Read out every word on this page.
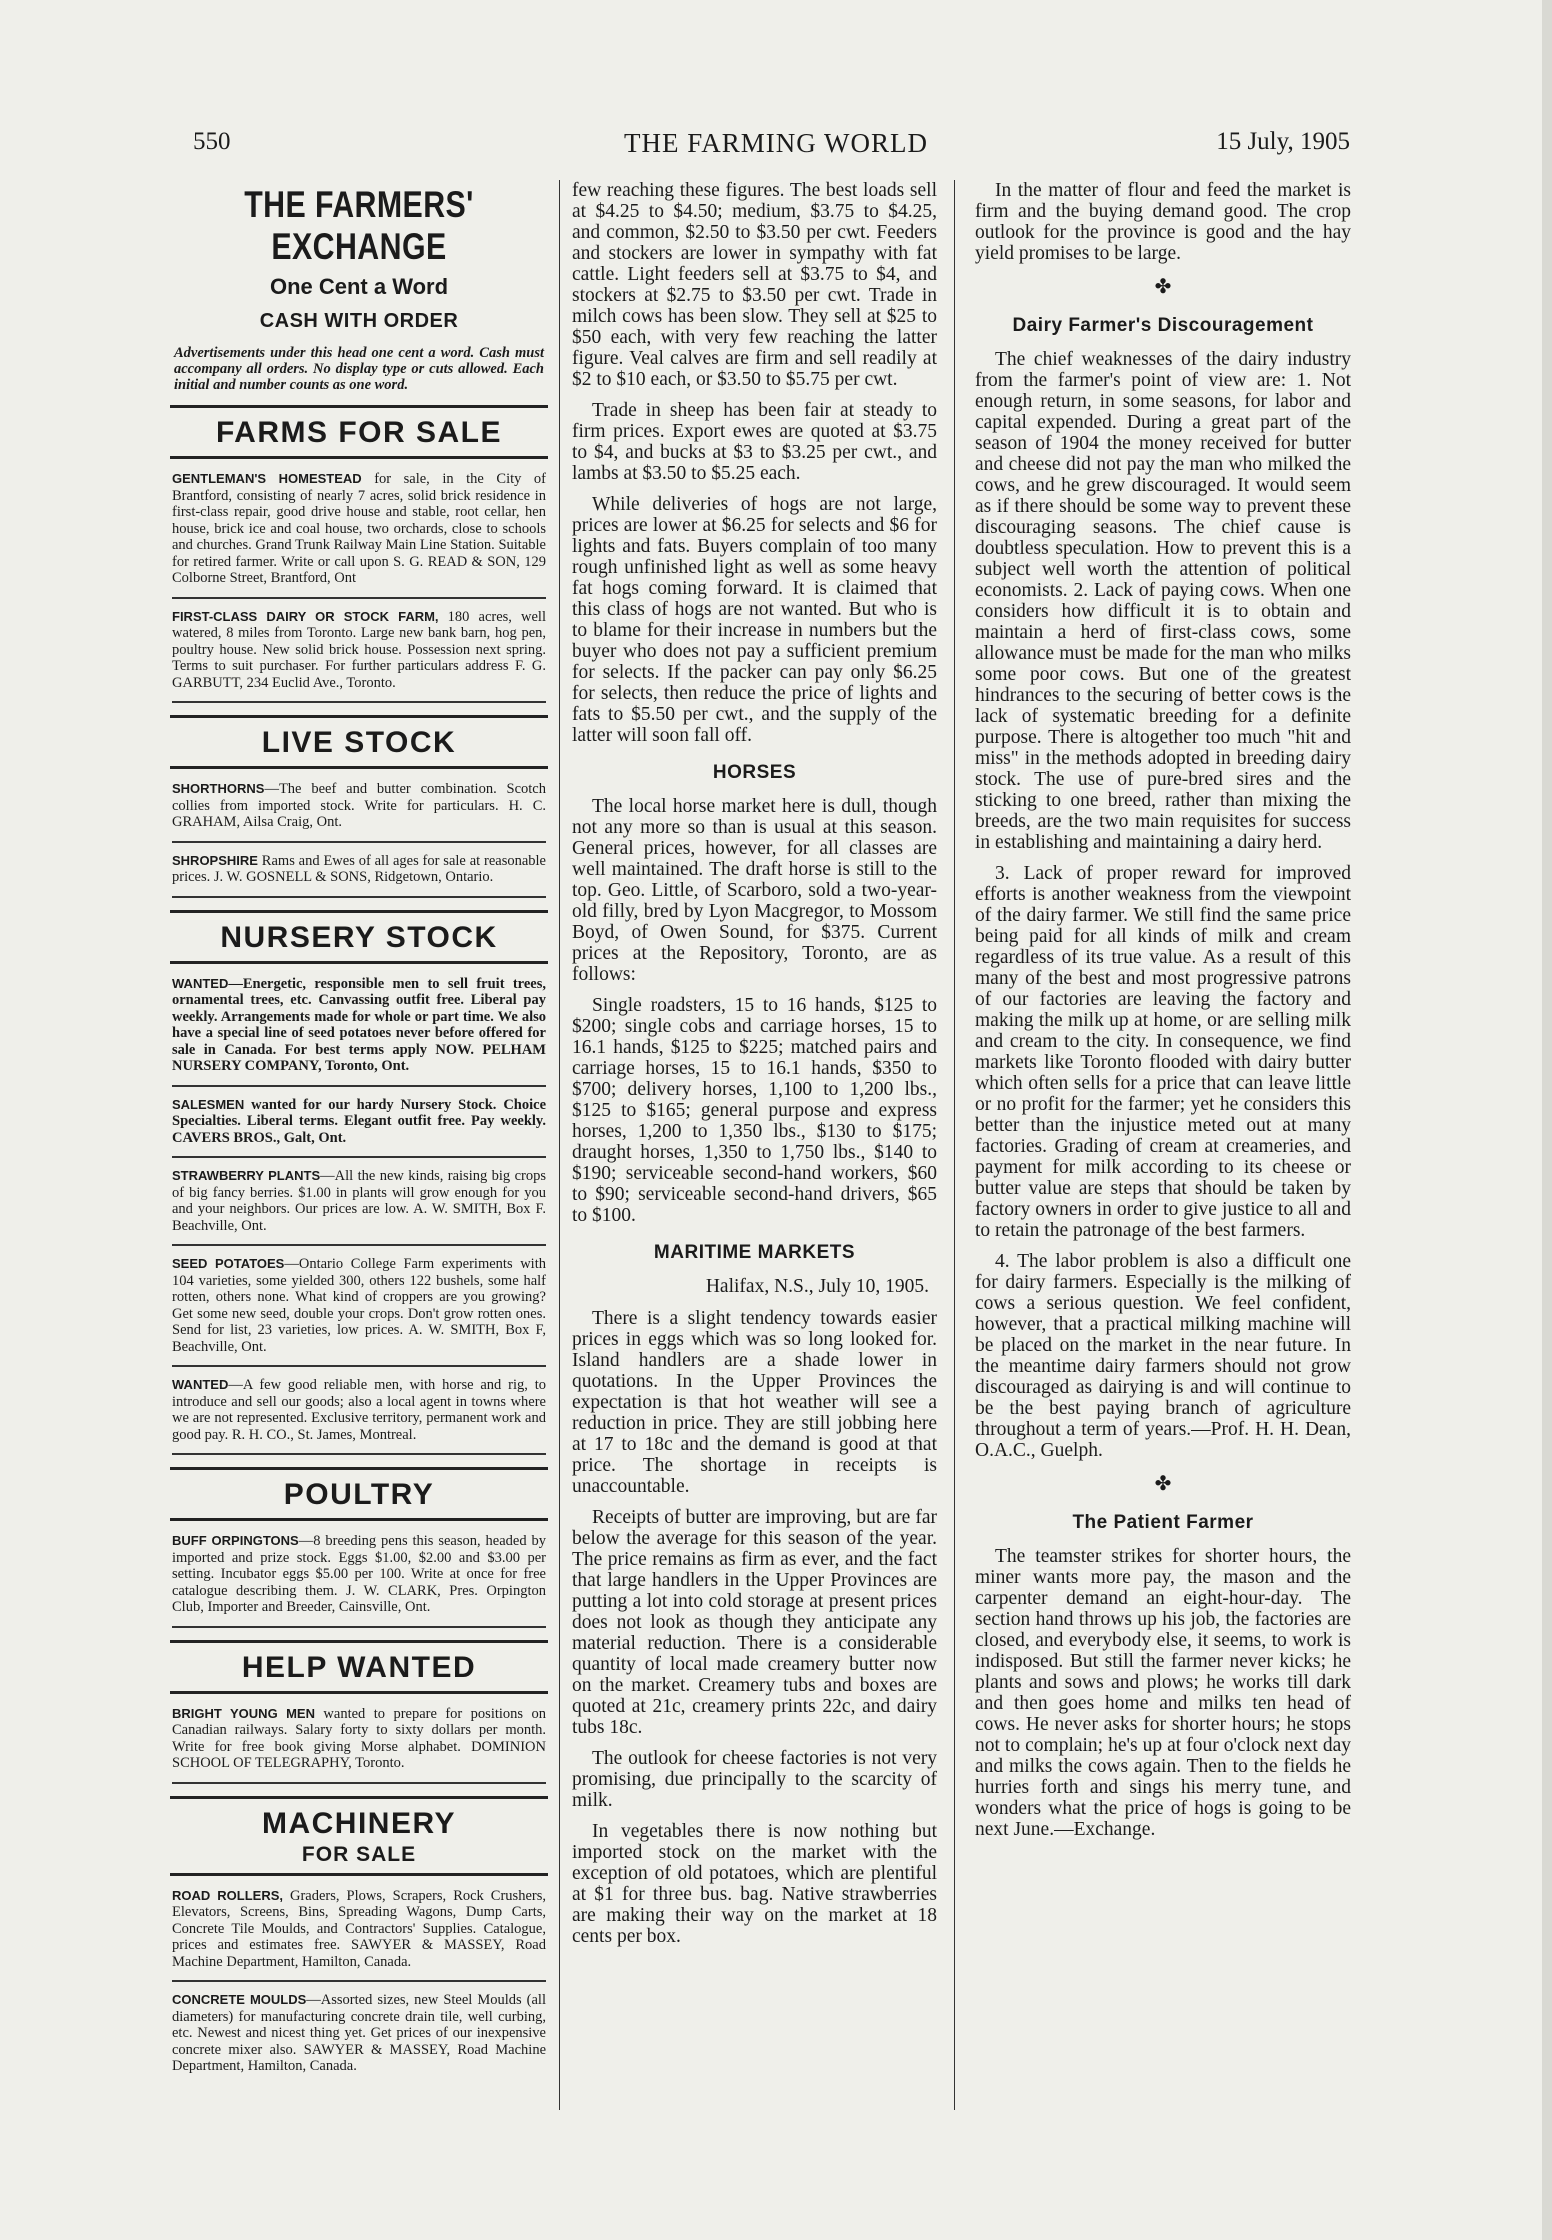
550	THE FARMING WORLD	15 July, 1905
THE FARMERS' EXCHANGE
One Cent a Word
CASH WITH ORDER
Advertisements under this head one cent a word. Cash must accompany all orders. No display type or cuts allowed. Each initial and number counts as one word.
FARMS FOR SALE
GENTLEMAN'S HOMESTEAD for sale, in the City of Brantford, consisting of nearly 7 acres, solid brick residence in first-class repair, good drive house and stable, root cellar, hen house, brick ice and coal house, two orchards, close to schools and churches. Grand Trunk Railway Main Line Station. Suitable for retired farmer. Write or call upon S. G. READ & SON, 129 Colborne Street, Brantford, Ont
FIRST-CLASS DAIRY OR STOCK FARM, 180 acres, well watered, 8 miles from Toronto. Large new bank barn, hog pen, poultry house. New solid brick house. Possession next spring. Terms to suit purchaser. For further particulars address F. G. GARBUTT, 234 Euclid Ave., Toronto.
LIVE STOCK
SHORTHORNS—The beef and butter combination. Scotch collies from imported stock. Write for particulars. H. C. GRAHAM, Ailsa Craig, Ont.
SHROPSHIRE Rams and Ewes of all ages for sale at reasonable prices. J. W. GOSNELL & SONS, Ridgetown, Ontario.
NURSERY STOCK
WANTED—Energetic, responsible men to sell fruit trees, ornamental trees, etc. Canvassing outfit free. Liberal pay weekly. Arrangements made for whole or part time. We also have a special line of seed potatoes never before offered for sale in Canada. For best terms apply NOW. PELHAM NURSERY COMPANY, Toronto, Ont.
SALESMEN wanted for our hardy Nursery Stock. Choice Specialties. Liberal terms. Elegant outfit free. Pay weekly. CAVERS BROS., Galt, Ont.
STRAWBERRY PLANTS—All the new kinds, raising big crops of big fancy berries. $1.00 in plants will grow enough for you and your neighbors. Our prices are low. A. W. SMITH, Box F. Beachville, Ont.
SEED POTATOES—Ontario College Farm experiments with 104 varieties, some yielded 300, others 122 bushels, some half rotten, others none. What kind of croppers are you growing? Get some new seed, double your crops. Don't grow rotten ones. Send for list, 23 varieties, low prices. A. W. SMITH, Box F, Beachville, Ont.
WANTED—A few good reliable men, with horse and rig, to introduce and sell our goods; also a local agent in towns where we are not represented. Exclusive territory, permanent work and good pay. R. H. CO., St. James, Montreal.
POULTRY
BUFF ORPINGTONS—8 breeding pens this season, headed by imported and prize stock. Eggs $1.00, $2.00 and $3.00 per setting. Incubator eggs $5.00 per 100. Write at once for free catalogue describing them. J. W. CLARK, Pres. Orpington Club, Importer and Breeder, Cainsville, Ont.
HELP WANTED
BRIGHT YOUNG MEN wanted to prepare for positions on Canadian railways. Salary forty to sixty dollars per month. Write for free book giving Morse alphabet. DOMINION SCHOOL OF TELEGRAPHY, Toronto.
MACHINERY
FOR SALE
ROAD ROLLERS, Graders, Plows, Scrapers, Rock Crushers, Elevators, Screens, Bins, Spreading Wagons, Dump Carts, Concrete Tile Moulds, and Contractors' Supplies. Catalogue, prices and estimates free. SAWYER & MASSEY, Road Machine Department, Hamilton, Canada.
CONCRETE MOULDS—Assorted sizes, new Steel Moulds (all diameters) for manufacturing concrete drain tile, well curbing, etc. Newest and nicest thing yet. Get prices of our inexpensive concrete mixer also. SAWYER & MASSEY, Road Machine Department, Hamilton, Canada.
few reaching these figures. The best loads sell at $4.25 to $4.50; medium, $3.75 to $4.25, and common, $2.50 to $3.50 per cwt. Feeders and stockers are lower in sympathy with fat cattle. Light feeders sell at $3.75 to $4, and stockers at $2.75 to $3.50 per cwt. Trade in milch cows has been slow. They sell at $25 to $50 each, with very few reaching the latter figure. Veal calves are firm and sell readily at $2 to $10 each, or $3.50 to $5.75 per cwt.
Trade in sheep has been fair at steady to firm prices. Export ewes are quoted at $3.75 to $4, and bucks at $3 to $3.25 per cwt., and lambs at $3.50 to $5.25 each.
While deliveries of hogs are not large, prices are lower at $6.25 for selects and $6 for lights and fats. Buyers complain of too many rough unfinished light as well as some heavy fat hogs coming forward. It is claimed that this class of hogs are not wanted. But who is to blame for their increase in numbers but the buyer who does not pay a sufficient premium for selects. If the packer can pay only $6.25 for selects, then reduce the price of lights and fats to $5.50 per cwt., and the supply of the latter will soon fall off.
HORSES
The local horse market here is dull, though not any more so than is usual at this season. General prices, however, for all classes are well maintained. The draft horse is still to the top. Geo. Little, of Scarboro, sold a two-year-old filly, bred by Lyon Macgregor, to Mossom Boyd, of Owen Sound, for $375. Current prices at the Repository, Toronto, are as follows:
Single roadsters, 15 to 16 hands, $125 to $200; single cobs and carriage horses, 15 to 16.1 hands, $125 to $225; matched pairs and carriage horses, 15 to 16.1 hands, $350 to $700; delivery horses, 1,100 to 1,200 lbs., $125 to $165; general purpose and express horses, 1,200 to 1,350 lbs., $130 to $175; draught horses, 1,350 to 1,750 lbs., $140 to $190; serviceable second-hand workers, $60 to $90; serviceable second-hand drivers, $65 to $100.
MARITIME MARKETS
Halifax, N.S., July 10, 1905.
There is a slight tendency towards easier prices in eggs which was so long looked for. Island handlers are a shade lower in quotations. In the Upper Provinces the expectation is that hot weather will see a reduction in price. They are still jobbing here at 17 to 18c and the demand is good at that price. The shortage in receipts is unaccountable.
Receipts of butter are improving, but are far below the average for this season of the year. The price remains as firm as ever, and the fact that large handlers in the Upper Provinces are putting a lot into cold storage at present prices does not look as though they anticipate any material reduction. There is a considerable quantity of local made creamery butter now on the market. Creamery tubs and boxes are quoted at 21c, creamery prints 22c, and dairy tubs 18c.
The outlook for cheese factories is not very promising, due principally to the scarcity of milk.
In vegetables there is now nothing but imported stock on the market with the exception of old potatoes, which are plentiful at $1 for three bus. bag. Native strawberries are making their way on the market at 18 cents per box.
In the matter of flour and feed the market is firm and the buying demand good. The crop outlook for the province is good and the hay yield promises to be large.
✤
Dairy Farmer's Discouragement
The chief weaknesses of the dairy industry from the farmer's point of view are: 1. Not enough return, in some seasons, for labor and capital expended. During a great part of the season of 1904 the money received for butter and cheese did not pay the man who milked the cows, and he grew discouraged. It would seem as if there should be some way to prevent these discouraging seasons. The chief cause is doubtless speculation. How to prevent this is a subject well worth the attention of political economists. 2. Lack of paying cows. When one considers how difficult it is to obtain and maintain a herd of first-class cows, some allowance must be made for the man who milks some poor cows. But one of the greatest hindrances to the securing of better cows is the lack of systematic breeding for a definite purpose. There is altogether too much "hit and miss" in the methods adopted in breeding dairy stock. The use of pure-bred sires and the sticking to one breed, rather than mixing the breeds, are the two main requisites for success in establishing and maintaining a dairy herd.
3. Lack of proper reward for improved efforts is another weakness from the viewpoint of the dairy farmer. We still find the same price being paid for all kinds of milk and cream regardless of its true value. As a result of this many of the best and most progressive patrons of our factories are leaving the factory and making the milk up at home, or are selling milk and cream to the city. In consequence, we find markets like Toronto flooded with dairy butter which often sells for a price that can leave little or no profit for the farmer; yet he considers this better than the injustice meted out at many factories. Grading of cream at creameries, and payment for milk according to its cheese or butter value are steps that should be taken by factory owners in order to give justice to all and to retain the patronage of the best farmers.
4. The labor problem is also a difficult one for dairy farmers. Especially is the milking of cows a serious question. We feel confident, however, that a practical milking machine will be placed on the market in the near future. In the meantime dairy farmers should not grow discouraged as dairying is and will continue to be the best paying branch of agriculture throughout a term of years.—Prof. H. H. Dean, O.A.C., Guelph.
✤
The Patient Farmer
The teamster strikes for shorter hours, the miner wants more pay, the mason and the carpenter demand an eight-hour-day. The section hand throws up his job, the factories are closed, and everybody else, it seems, to work is indisposed. But still the farmer never kicks; he plants and sows and plows; he works till dark and then goes home and milks ten head of cows. He never asks for shorter hours; he stops not to complain; he's up at four o'clock next day and milks the cows again. Then to the fields he hurries forth and sings his merry tune, and wonders what the price of hogs is going to be next June.—Exchange.
